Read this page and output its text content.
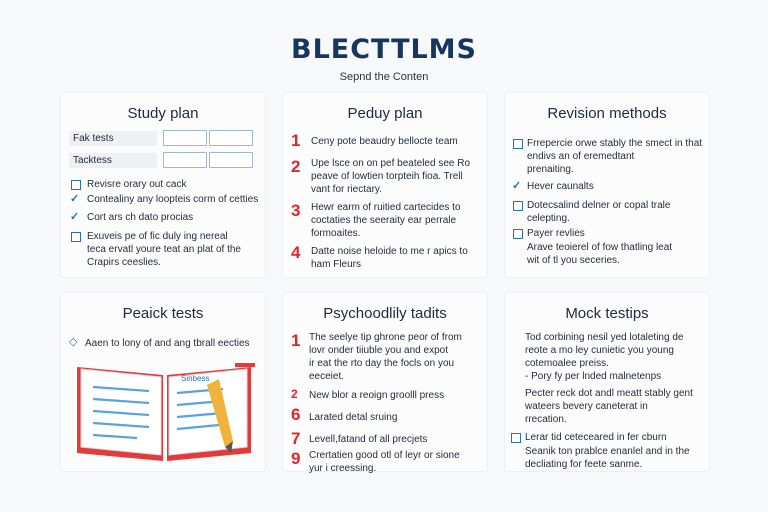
BLECTTLMS
Sepnd the Conten
Study plan
Fak tests
Tacktess
Revisre orary out cack
✓ Contealiny any loopteis corm of cetties
✓ Cort ars ch dato procias
Exuveis pe of fic duly ing nereal
teca ervatl youre teat an plat of the
Crapirs ceeslies.
Peduy plan
1 Ceny pote beaudry bellocte team
2 Upe lsce on on pef beateled see Ro
peave of lowtien torpteih fioa. Trell
vant for riectary.
3 Hewr earm of ruitied cartecides to
coctaties the seeraity ear perrale
formoaites.
4 Datte noise heloide to me r apics to
ham Fleurs
Revision methods
Frrepercie orwe stably the smect in that
endivs an of eremedtant
prenaiting.
✓ Hever caunalts
Dotecsalind delner or copal trale
celepting.
Payer revlies
Arave teoierel of fow thatling leat
wit of tl you seceries.
Peaick tests
◇ Aaen to lony of and ang tbrall eecties
Sinbess
Psychoodlily tadits
1 The seelye tip ghrone peor of from
lovr onder tiiuble you and expot
ir eat the rto day the focls on you
eeceiet.
2 New blor a reoign groolll press
6 Larated detal sruing
7 Levell,fatand of all precjets
9 Crertatien good otl of leyr or sione
yur i creessing.
Mock testips
Tod corbining nesil yed lotaleting de
reote a mo ley cunietic you young
cotemoalee preiss.
- Pory fy per lnded malnetenps
Pecter reck dot andl meatt stably gent
wateers bevery caneterat in
rrecation.
Lerar tid ceteceared in fer cburn
Seanik ton prablce enanlel and in the
decliating for feete sanme.
